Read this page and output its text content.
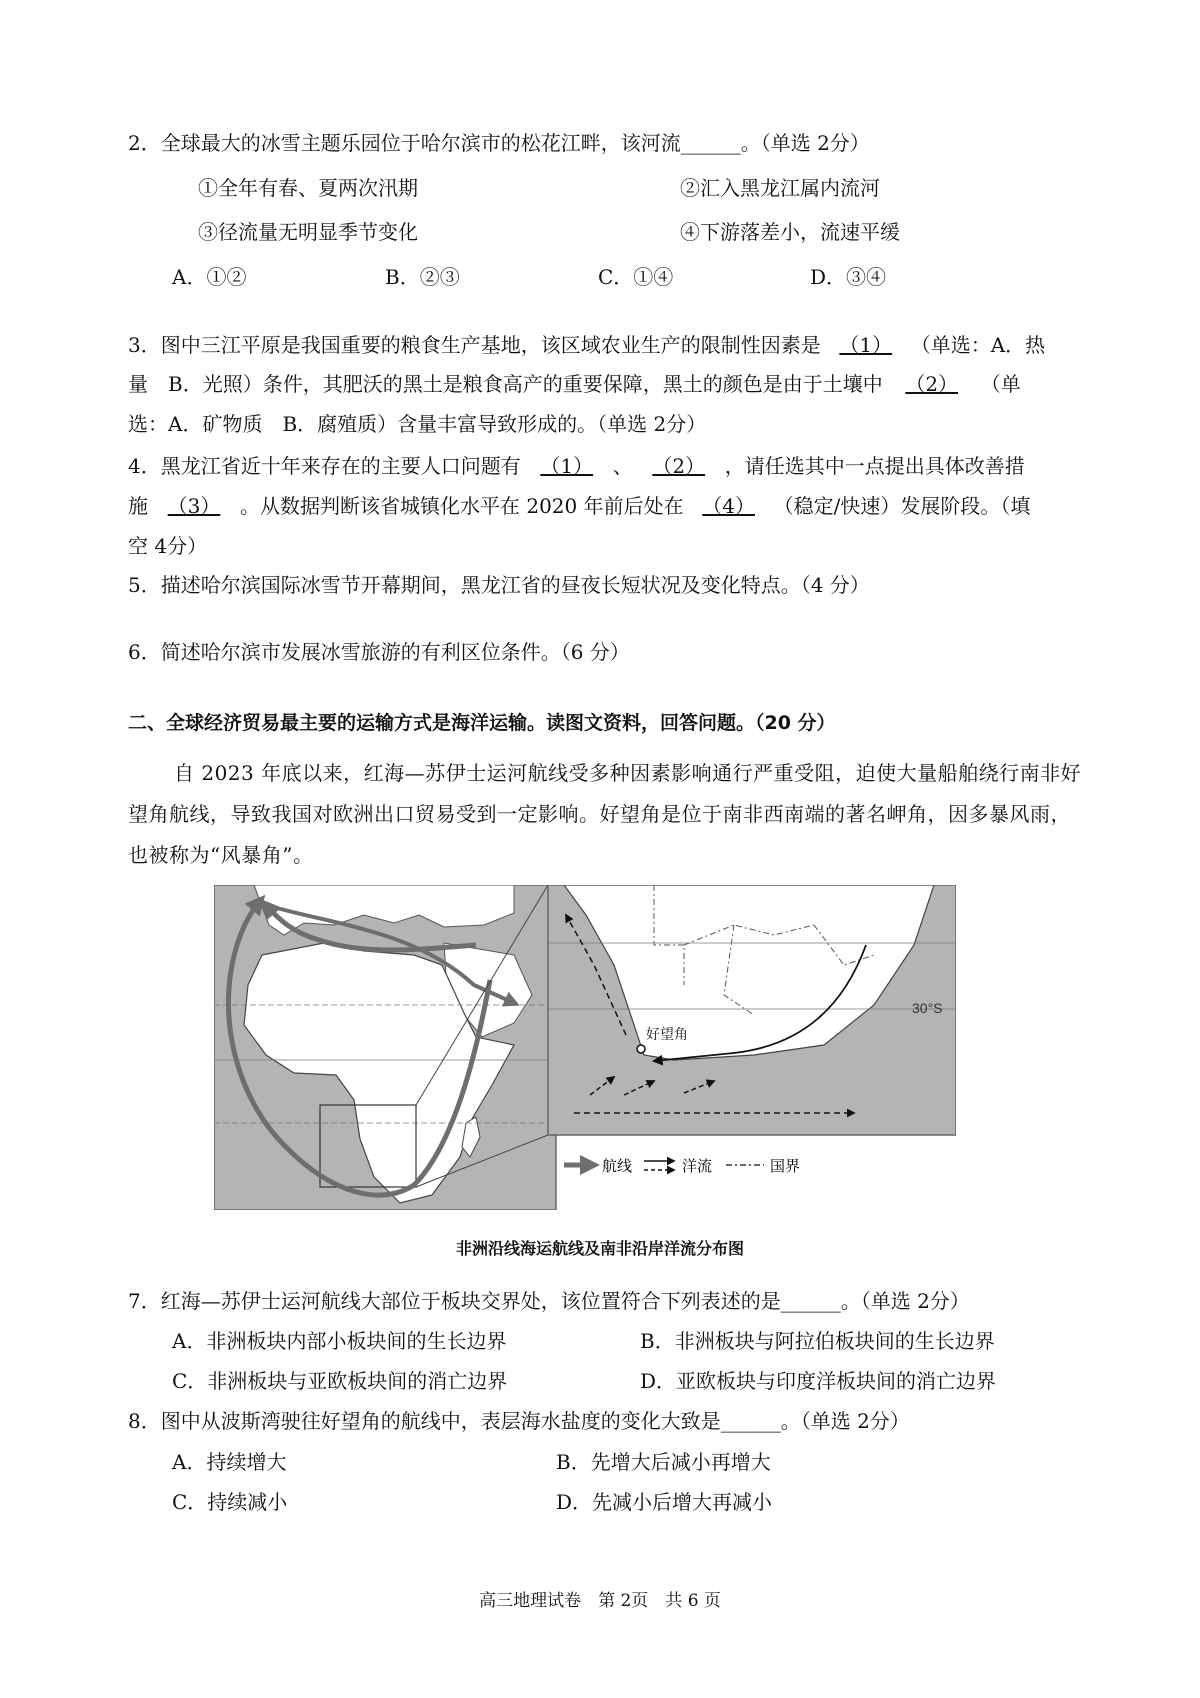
2．全球最大的冰雪主题乐园位于哈尔滨市的松花江畔，该河流______。（单选 2分）
①全年有春、夏两次汛期	②汇入黑龙江属内流河
③径流量无明显季节变化	④下游落差小，流速平缓
A．①②	B．②③	C．①④	D．③④
3．图中三江平原是我国重要的粮食生产基地，该区域农业生产的限制性因素是 （1） （单选：A．热
量　B．光照）条件，其肥沃的黑土是粮食高产的重要保障，黑土的颜色是由于土壤中 （2） （单
选：A．矿物质　B．腐殖质）含量丰富导致形成的。（单选 2分）
4．黑龙江省近十年来存在的主要人口问题有 （1） 、 （2） ，请任选其中一点提出具体改善措
施 （3） 。从数据判断该省城镇化水平在 2020 年前后处在 （4） （稳定/快速）发展阶段。（填
空 4分）
5．描述哈尔滨国际冰雪节开幕期间，黑龙江省的昼夜长短状况及变化特点。（4 分）
6．简述哈尔滨市发展冰雪旅游的有利区位条件。（6 分）
二、全球经济贸易最主要的运输方式是海洋运输。读图文资料，回答问题。（20 分）
自 2023 年底以来，红海—苏伊士运河航线受多种因素影响通行严重受阻，迫使大量船舶绕行南非好望角航线，导致我国对欧洲出口贸易受到一定影响。好望角是位于南非西南端的著名岬角，因多暴风雨，也被称为“风暴角”。
30°S
好望角
航线	洋流	国界
非洲沿线海运航线及南非沿岸洋流分布图
7．红海—苏伊士运河航线大部位于板块交界处，该位置符合下列表述的是______。（单选 2分）
A．非洲板块内部小板块间的生长边界	B．非洲板块与阿拉伯板块间的生长边界
C．非洲板块与亚欧板块间的消亡边界	D．亚欧板块与印度洋板块间的消亡边界
8．图中从波斯湾驶往好望角的航线中，表层海水盐度的变化大致是______。（单选 2分）
A．持续增大	B．先增大后减小再增大
C．持续减小	D．先减小后增大再减小
高三地理试卷　第 2页　共 6 页
